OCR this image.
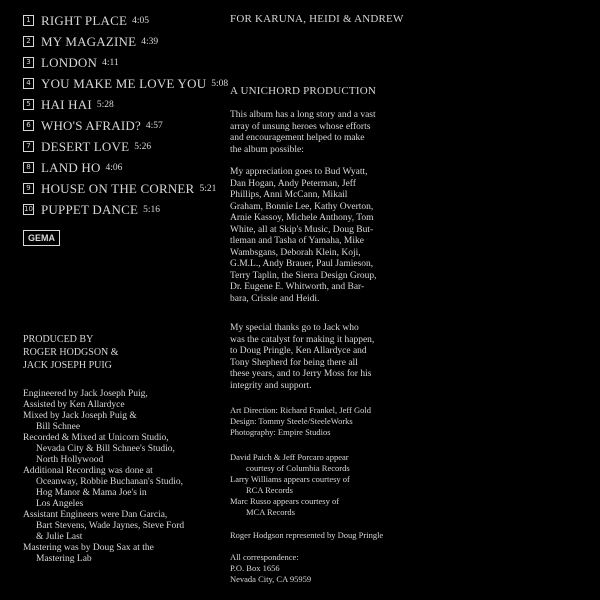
1 RIGHT PLACE 4:05
2 MY MAGAZINE 4:39
3 LONDON 4:11
4 YOU MAKE ME LOVE YOU 5:08
5 HAI HAI 5:28
6 WHO'S AFRAID? 4:57
7 DESERT LOVE 5:26
8 LAND HO 4:06
9 HOUSE ON THE CORNER 5:21
10 PUPPET DANCE 5:16
GEMA
PRODUCED BY
ROGER HODGSON &
JACK JOSEPH PUIG
Engineered by Jack Joseph Puig,
Assisted by Ken Allardyce
Mixed by Jack Joseph Puig &
Bill Schnee
Recorded & Mixed at Unicorn Studio,
Nevada City & Bill Schnee's Studio,
North Hollywood
Additional Recording was done at
Oceanway, Robbie Buchanan's Studio,
Hog Manor & Mama Joe's in
Los Angeles
Assistant Engineers were Dan Garcia,
Bart Stevens, Wade Jaynes, Steve Ford
& Julie Last
Mastering was by Doug Sax at the
Mastering Lab
FOR KARUNA, HEIDI & ANDREW
A UNICHORD PRODUCTION
This album has a long story and a vast
array of unsung heroes whose efforts
and encouragement helped to make
the album possible:
My appreciation goes to Bud Wyatt,
Dan Hogan, Andy Peterman, Jeff
Phillips, Anni McCann, Mikail
Graham, Bonnie Lee, Kathy Overton,
Arnie Kassoy, Michele Anthony, Tom
White, all at Skip's Music, Doug But-
tleman and Tasha of Yamaha, Mike
Wambsgans, Deborah Klein, Koji,
G.M.L., Andy Brauer, Paul Jamieson,
Terry Taplin, the Sierra Design Group,
Dr. Eugene E. Whitworth, and Bar-
bara, Crissie and Heidi.
My special thanks go to Jack who
was the catalyst for making it happen,
to Doug Pringle, Ken Allardyce and
Tony Shepherd for being there all
these years, and to Jerry Moss for his
integrity and support.
Art Direction: Richard Frankel, Jeff Gold
Design: Tommy Steele/SteeleWorks
Photography: Empire Studios
David Paich & Jeff Porcaro appear
courtesy of Columbia Records
Larry Williams appears courtesy of
RCA Records
Marc Russo appears courtesy of
MCA Records
Roger Hodgson represented by Doug Pringle
All correspondence:
P.O. Box 1656
Nevada City, CA 95959
